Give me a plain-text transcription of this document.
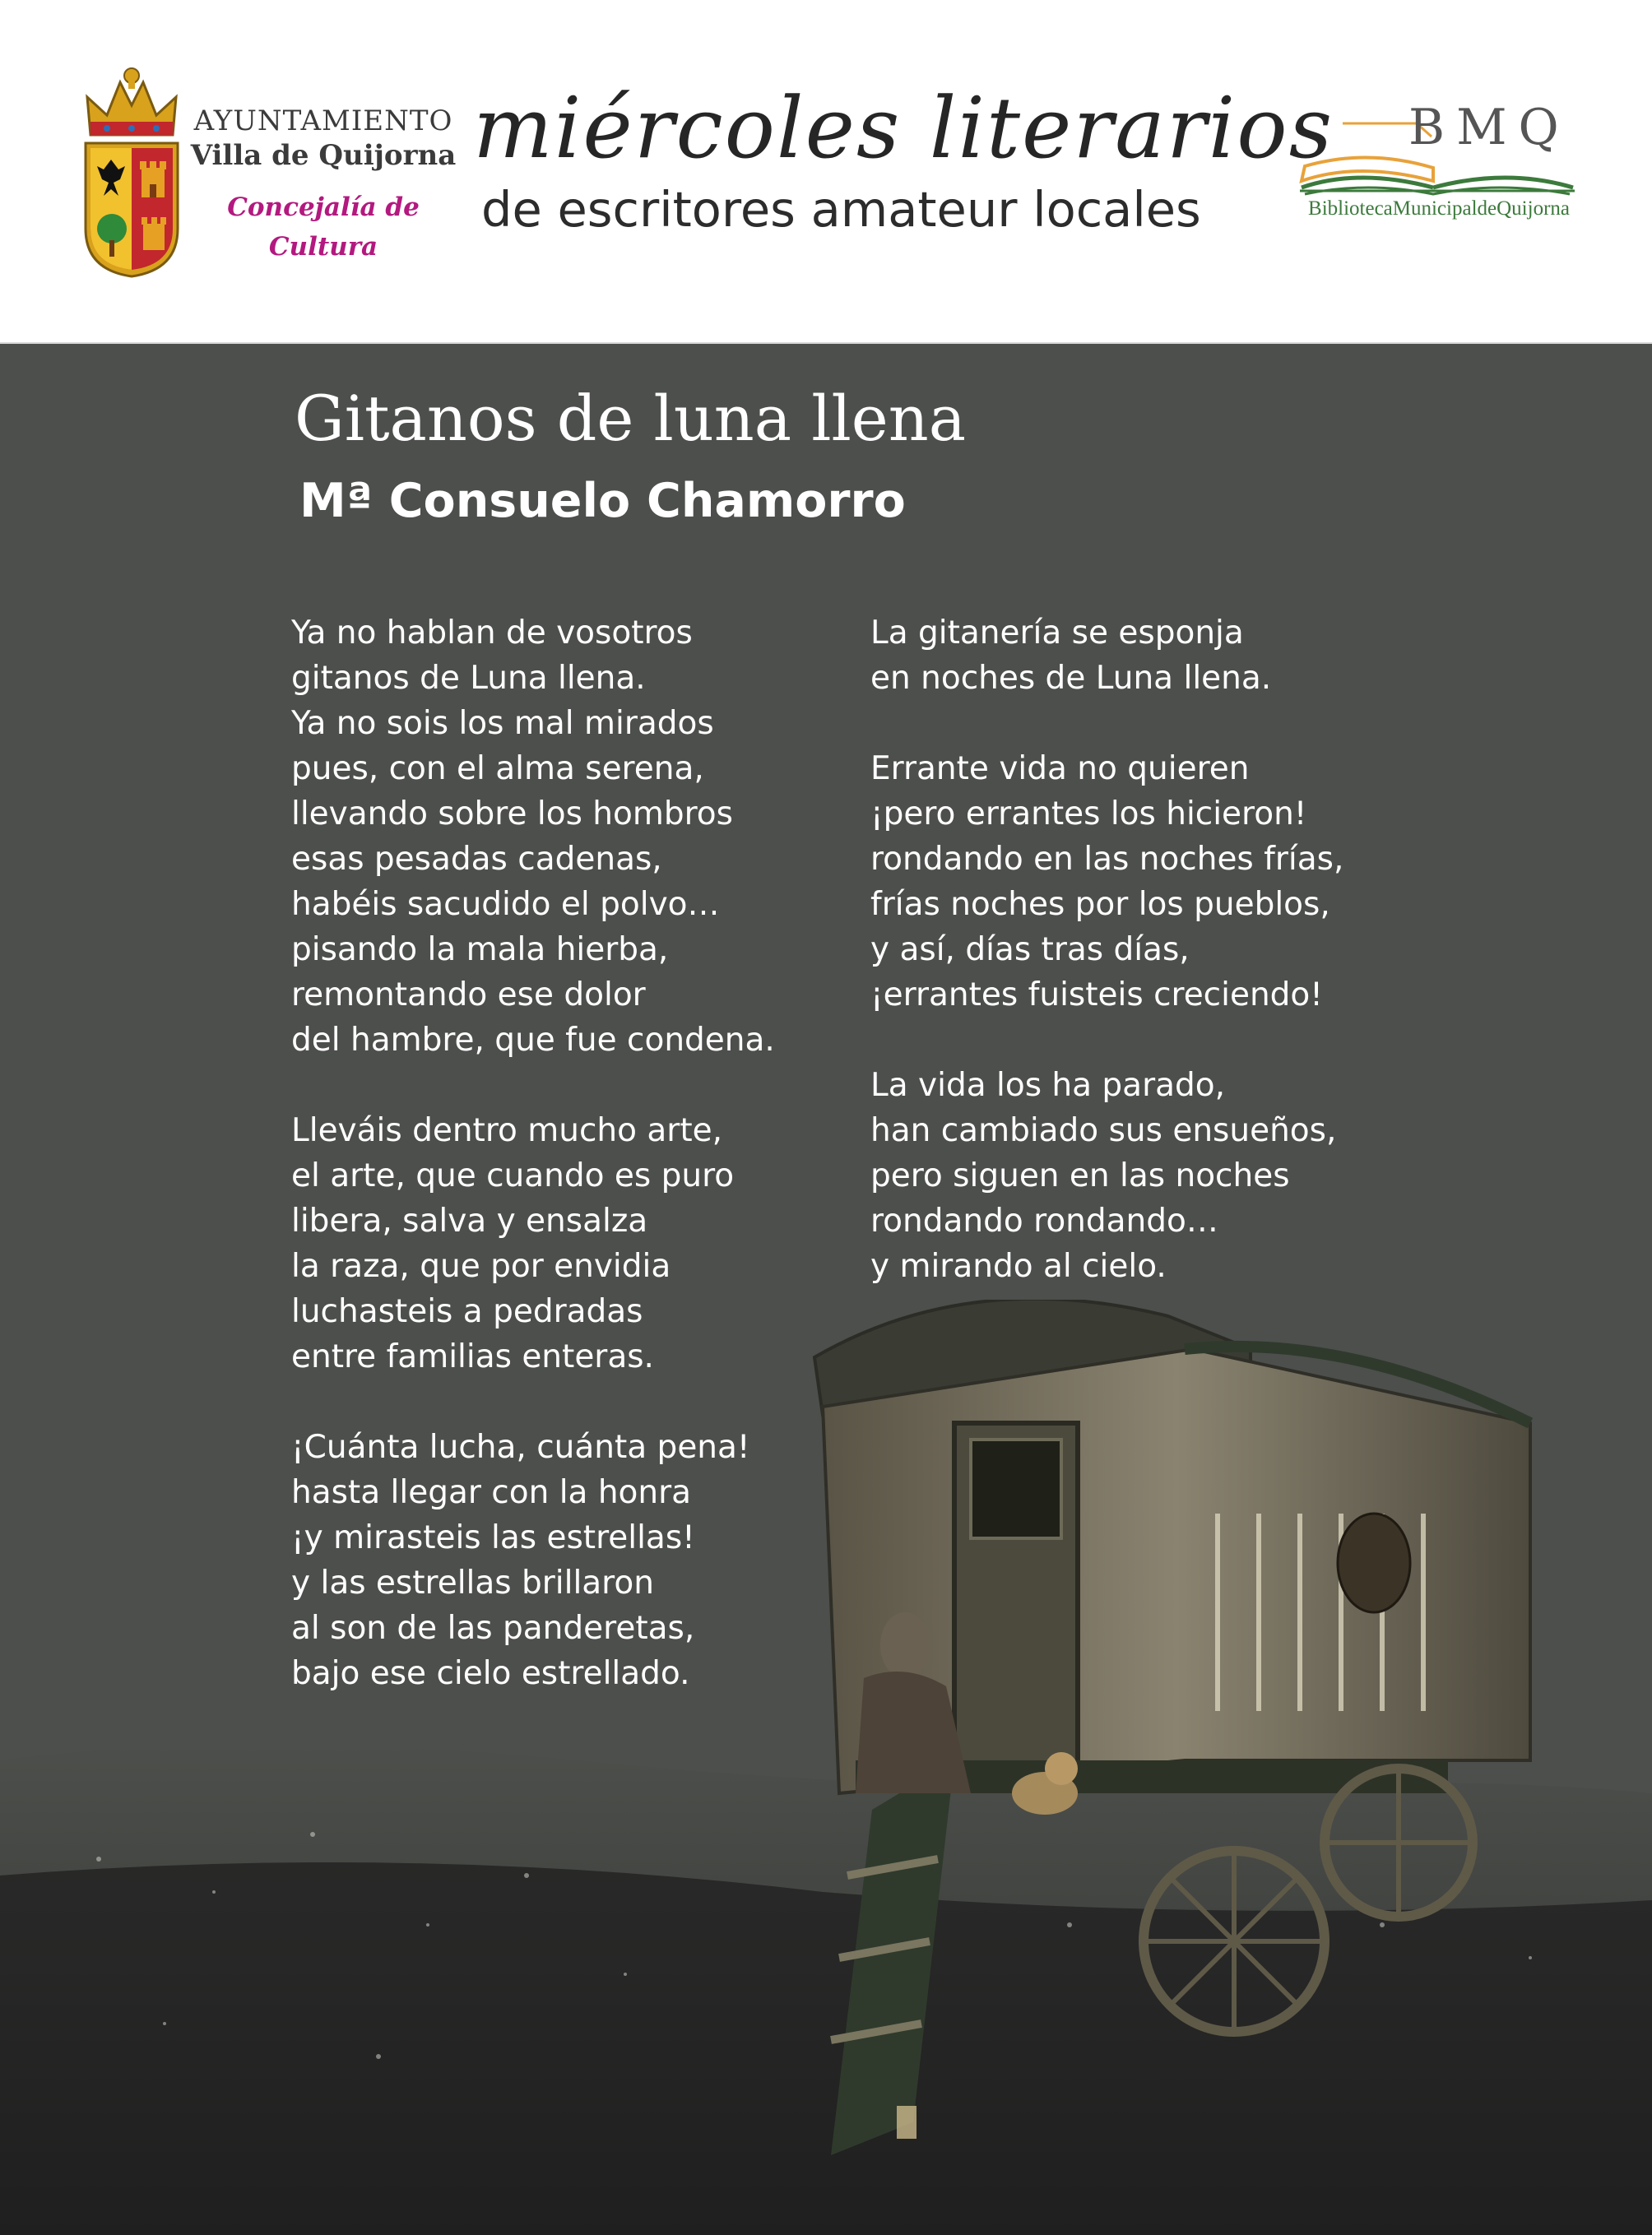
AYUNTAMIENTO
Villa de Quijorna
Concejalía de Cultura
miércoles literarios
de escritores amateur locales
BMQ
BibliotecaMunicipaldeQuijorna
Gitanos de luna llena
Mª Consuelo Chamorro
Ya no hablan de vosotros
gitanos de Luna llena.
Ya no sois los mal mirados
pues, con el alma serena,
llevando sobre los hombros
esas pesadas cadenas,
habéis sacudido el polvo…
pisando la mala hierba,
remontando ese dolor
del hambre, que fue condena.
Lleváis dentro mucho arte,
el arte, que cuando es puro
libera, salva y ensalza
la raza, que por envidia
luchasteis a pedradas
entre familias enteras.
¡Cuánta lucha, cuánta pena!
hasta llegar con la honra
¡y mirasteis las estrellas!
y las estrellas brillaron
al son de las panderetas,
bajo ese cielo estrellado.
La gitanería se esponja
en noches de Luna llena.
Errante vida no quieren
¡pero errantes los hicieron!
rondando en las noches frías,
frías noches por los pueblos,
y así, días tras días,
¡errantes fuisteis creciendo!
La vida los ha parado,
han cambiado sus ensueños,
pero siguen en las noches
rondando rondando…
y mirando al cielo.
